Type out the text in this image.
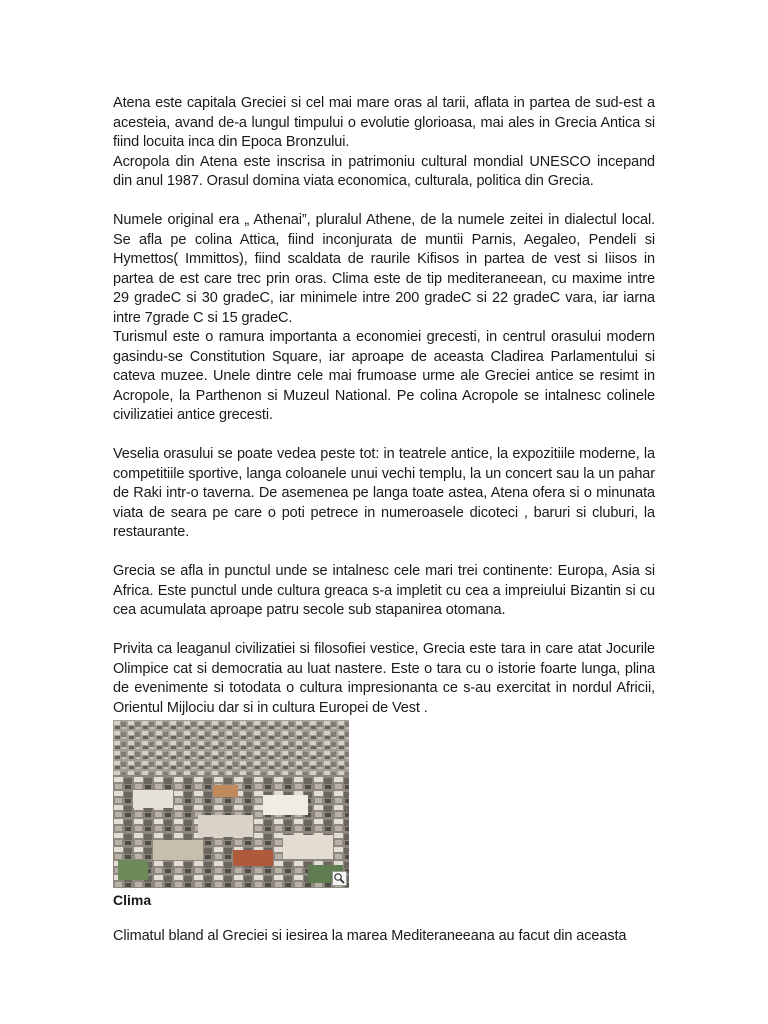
Atena este capitala Greciei si cel mai mare oras al tarii, aflata in partea de sud-est a acesteia, avand de-a lungul timpului o evolutie glorioasa, mai ales in Grecia Antica si fiind locuita inca din Epoca Bronzului.

Acropola din Atena este inscrisa in patrimoniu cultural mondial UNESCO incepand din anul 1987. Orasul domina viata economica, culturala, politica din Grecia.

Numele original era „ Athenai”, pluralul Athene, de la numele zeitei in dialectul local. Se afla pe colina Attica, fiind inconjurata de muntii Parnis, Aegaleo, Pendeli si Hymettos( Immittos), fiind scaldata de raurile Kifisos in partea de vest si Iiisos in partea de est care trec prin oras. Clima este de tip mediteraneean, cu maxime intre 29 gradeC si 30 gradeC, iar minimele intre 200 gradeC si 22 gradeC vara, iar iarna intre 7grade C si 15 gradeC.

Turismul este o ramura importanta a economiei grecesti, in centrul orasului modern gasindu-se Constitution Square, iar aproape de aceasta Cladirea Parlamentului si cateva muzee. Unele dintre cele mai frumoase urme ale Greciei antice se resimt in Acropole, la Parthenon si Muzeul National. Pe colina Acropole se intalnesc colinele civilizatiei antice grecesti.

Veselia orasului se poate vedea peste tot: in teatrele antice, la expozitiile moderne, la competitiile sportive, langa coloanele unui vechi templu, la un concert sau la un pahar de Raki intr-o taverna. De asemenea pe langa toate astea, Atena ofera si o minunata viata de seara pe care o poti petrece in numeroasele dicoteci , baruri si cluburi, la restaurante.

Grecia se afla in punctul unde se intalnesc cele mari trei continente: Europa, Asia si Africa. Este punctul unde cultura greaca s-a impletit cu cea a impreiului Bizantin si cu cea acumulata aproape patru secole sub stapanirea otomana.

Privita ca leaganul civilizatiei si filosofiei vestice, Grecia este tara in care atat Jocurile Olimpice cat si democratia au luat nastere. Este o tara cu o istorie foarte lunga, plina de evenimente si totodata o cultura impresionanta ce s-au exercitat in nordul Africii, Orientul Mijlociu dar si in cultura Europei de Vest .

Clima

Climatul bland al Greciei si iesirea la marea Mediteraneeana au facut din aceasta
